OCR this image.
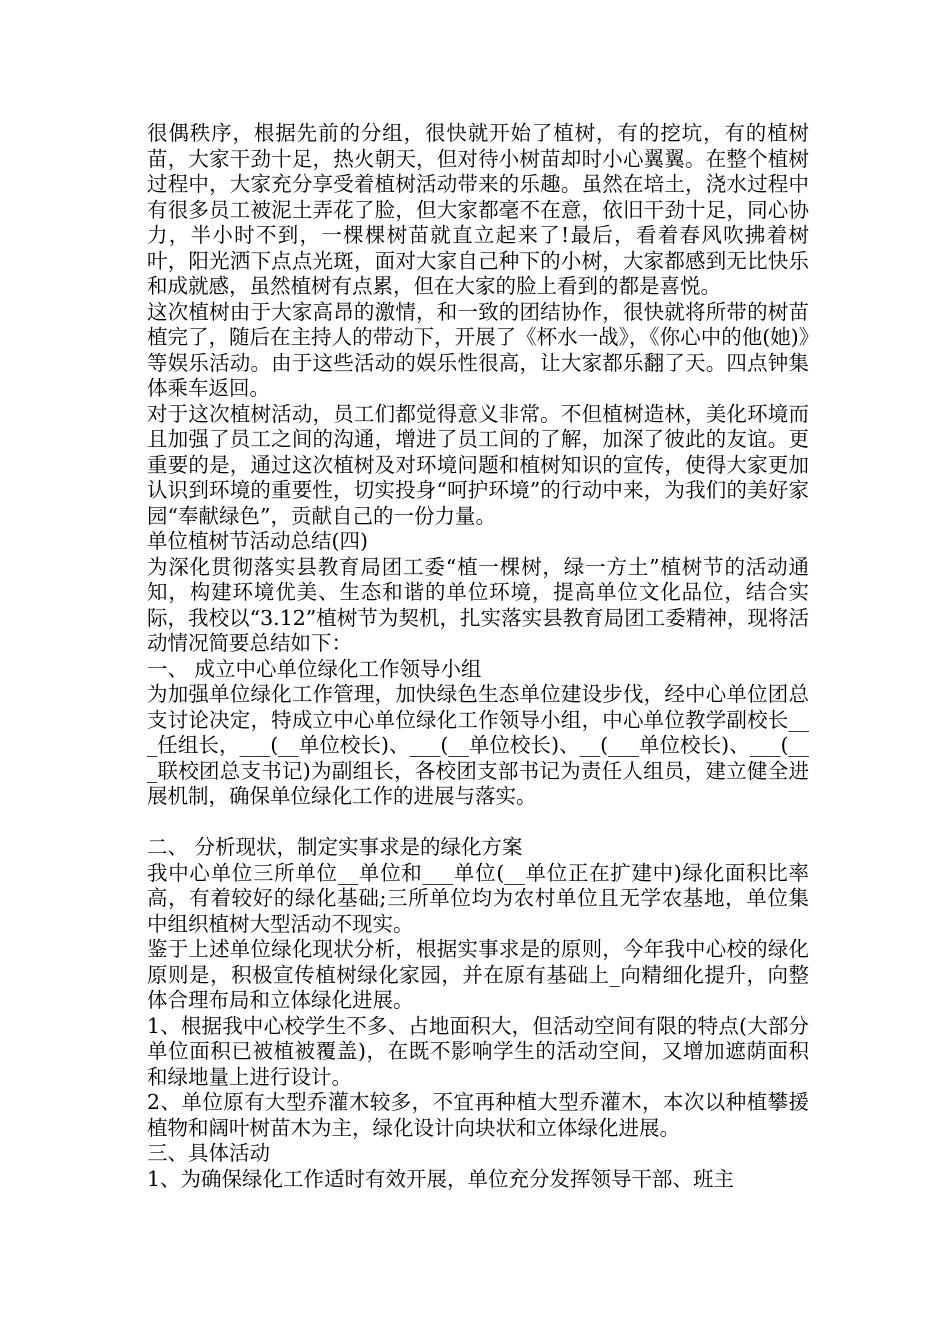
很偶秩序，根据先前的分组，很快就开始了植树，有的挖坑，有的植树苗，大家干劲十足，热火朝天，但对待小树苗却时小心翼翼。在整个植树过程中，大家充分享受着植树活动带来的乐趣。虽然在培土，浇水过程中有很多员工被泥土弄花了脸，但大家都毫不在意，依旧干劲十足，同心协力，半小时不到，一棵棵树苗就直立起来了!最后，看着春风吹拂着树叶，阳光洒下点点光斑，面对大家自己种下的小树，大家都感到无比快乐和成就感，虽然植树有点累，但在大家的脸上看到的都是喜悦。

这次植树由于大家高昂的激情，和一致的团结协作，很快就将所带的树苗植完了，随后在主持人的带动下，开展了《杯水一战》，《你心中的他(她)》等娱乐活动。由于这些活动的娱乐性很高，让大家都乐翻了天。四点钟集体乘车返回。

对于这次植树活动，员工们都觉得意义非常。不但植树造林，美化环境而且加强了员工之间的沟通，增进了员工间的了解，加深了彼此的友谊。更重要的是，通过这次植树及对环境问题和植树知识的宣传，使得大家更加认识到环境的重要性，切实投身“呵护环境”的行动中来，为我们的美好家园“奉献绿色”，贡献自己的一份力量。

单位植树节活动总结(四)

为深化贯彻落实县教育局团工委“植一棵树，绿一方土”植树节的活动通知，构建环境优美、生态和谐的单位环境，提高单位文化品位，结合实际，我校以“3.12”植树节为契机，扎实落实县教育局团工委精神，现将活动情况简要总结如下：

一、 成立中心单位绿化工作领导小组

为加强单位绿化工作管理，加快绿色生态单位建设步伐，经中心单位团总支讨论决定，特成立中心单位绿化工作领导小组，中心单位教学副校长___任组长，___(__单位校长)、___(__单位校长)、__(___单位校长)、___(___联校团总支书记)为副组长，各校团支部书记为责任人组员，建立健全进展机制，确保单位绿化工作的进展与落实。

二、 分析现状，制定实事求是的绿化方案

我中心单位三所单位__单位和___单位(__单位正在扩建中)绿化面积比率高，有着较好的绿化基础;三所单位均为农村单位且无学农基地，单位集中组织植树大型活动不现实。

鉴于上述单位绿化现状分析，根据实事求是的原则，今年我中心校的绿化原则是，积极宣传植树绿化家园，并在原有基础上_向精细化提升，向整体合理布局和立体绿化进展。

1、根据我中心校学生不多、占地面积大，但活动空间有限的特点(大部分单位面积已被植被覆盖)，在既不影响学生的活动空间，又增加遮荫面积和绿地量上进行设计。

2、单位原有大型乔灌木较多，不宜再种植大型乔灌木，本次以种植攀援植物和阔叶树苗木为主，绿化设计向块状和立体绿化进展。

三、具体活动

1、为确保绿化工作适时有效开展，单位充分发挥领导干部、班主
